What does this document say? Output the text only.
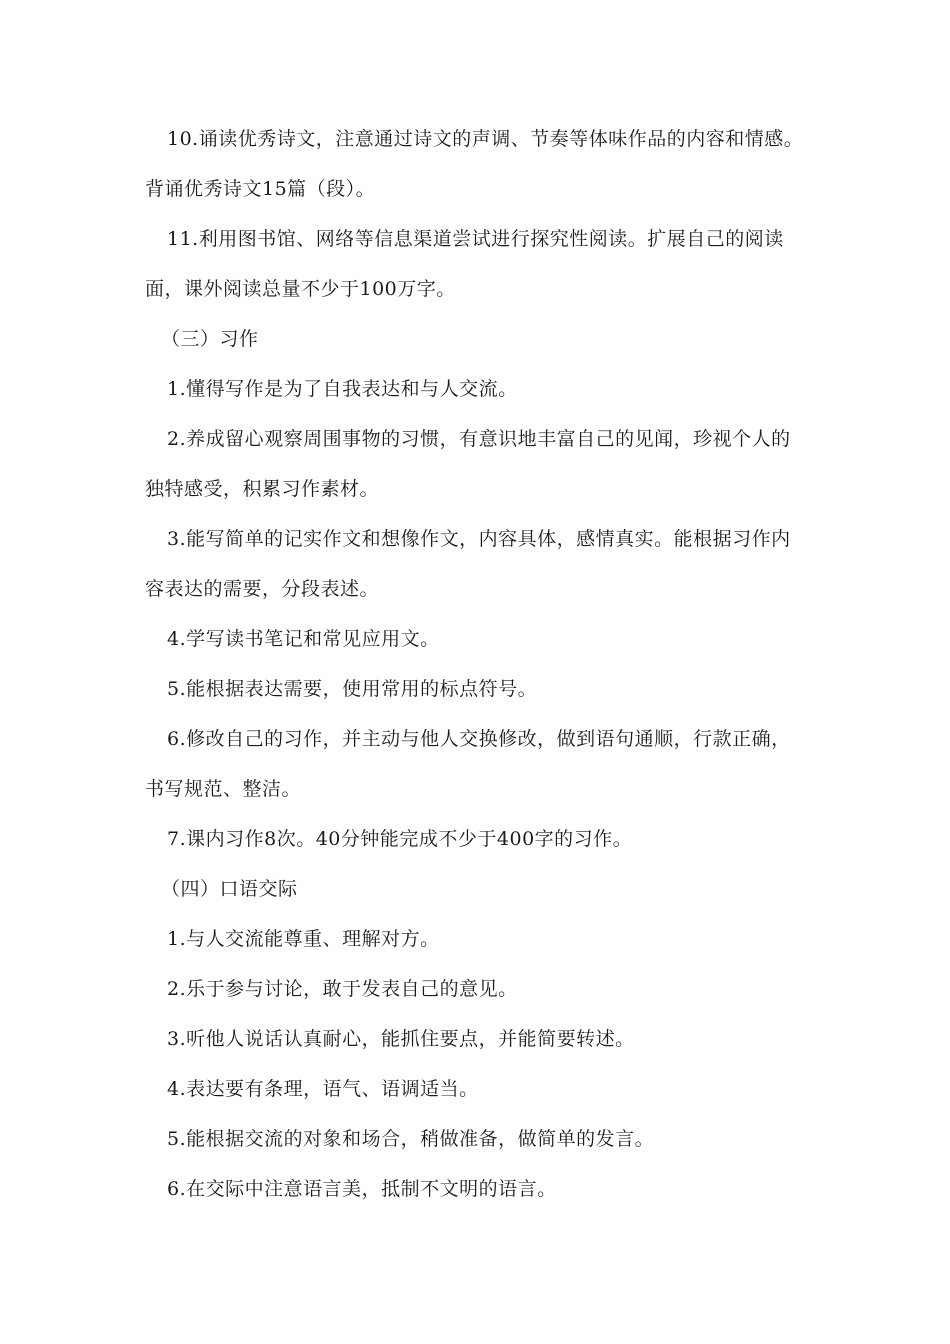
10.诵读优秀诗文，注意通过诗文的声调、节奏等体味作品的内容和情感。背诵优秀诗文15篇（段）。

11.利用图书馆、网络等信息渠道尝试进行探究性阅读。扩展自己的阅读面，课外阅读总量不少于100万字。

（三）习作

1.懂得写作是为了自我表达和与人交流。

2.养成留心观察周围事物的习惯，有意识地丰富自己的见闻，珍视个人的独特感受，积累习作素材。

3.能写简单的记实作文和想像作文，内容具体，感情真实。能根据习作内容表达的需要，分段表述。

4.学写读书笔记和常见应用文。

5.能根据表达需要，使用常用的标点符号。

6.修改自己的习作，并主动与他人交换修改，做到语句通顺，行款正确，书写规范、整洁。

7.课内习作8次。40分钟能完成不少于400字的习作。

（四）口语交际

1.与人交流能尊重、理解对方。

2.乐于参与讨论，敢于发表自己的意见。

3.听他人说话认真耐心，能抓住要点，并能简要转述。

4.表达要有条理，语气、语调适当。

5.能根据交流的对象和场合，稍做准备，做简单的发言。

6.在交际中注意语言美，抵制不文明的语言。
